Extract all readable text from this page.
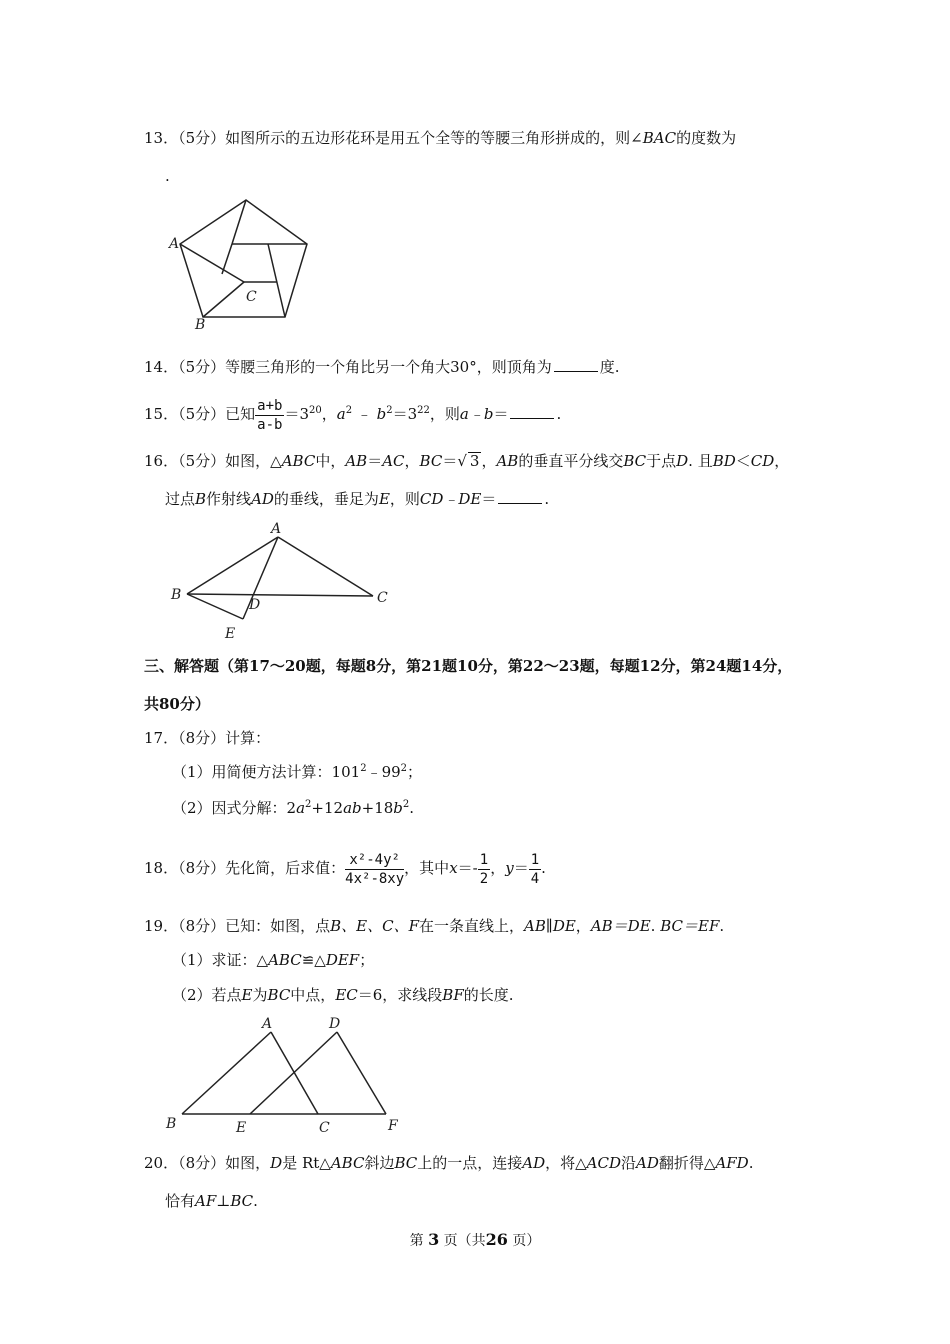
13．（5分）如图所示的五边形花环是用五个全等的等腰三角形拼成的，则∠BAC的度数为
.
A
B
C
14．（5分）等腰三角形的一个角比另一个角大30°，则顶角为	度.
15．（5分）已知 $\frac{a+b}{a-b} =3^{20}$，$a^2$ ﹣ $b^2=3^{22}$，则a﹣b＝	.
16．（5分）如图，△ABC中，AB＝AC，BC＝√ 3 ，AB的垂直平分线交BC于点D. 且BD＜CD，
过点B作射线AD的垂线，垂足为E，则CD﹣DE＝	.
A
B	C
D
E
三、解答题（第17～20题，每题8分，第21题10分，第22～23题，每题12分，第24题14分，
共80分）
17．（8分）计算：
（1）用简便方法计算：$101^2﹣99^2$；
（2）因式分解：$2a^2+12ab+18b^2$.
18．（8分）先化简，后求值： $\frac{\text{x²-4y²}}{\text{4x²-8xy}}$ ，其中$x=- \frac{1}{2}$ ，$y= \frac{1}{4}$ .
19．（8分）已知：如图，点B、E、C、F在一条直线上，AB∥DE，AB＝DE. BC＝EF.
（1）求证：△ABC≌△DEF；
（2）若点E为BC中点，EC＝6，求线段BF的长度.
A
B	C
D
E	F
20．（8分）如图，D是 Rt△ABC斜边BC上的一点，连接AD，将△ACD沿AD翻折得△AFD.
恰有AF⊥BC.
第 3 页（共26 页）
